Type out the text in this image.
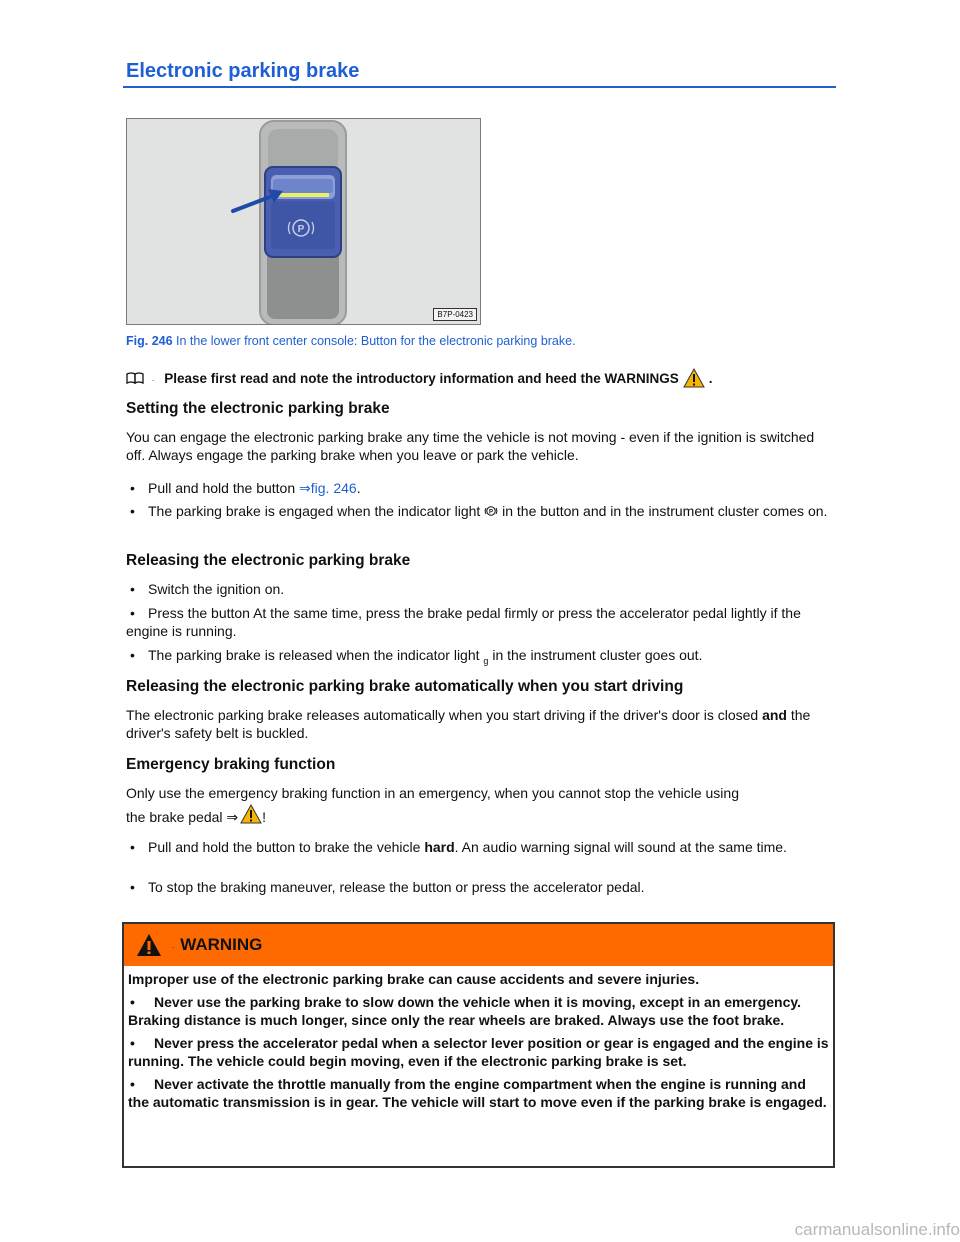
Electronic parking brake
P
B7P-0423
Fig. 246 In the lower front center console: Button for the electronic parking brake.
. Please first read and note the introductory information and heed the WARNINGS .
Setting the electronic parking brake
You can engage the electronic parking brake any time the vehicle is not moving - even if the ignition is switched off. Always engage the parking brake when you leave or park the vehicle.
• Pull and hold the button ⇒fig. 246.
• The parking brake is engaged when the indicator light P in the button and in the instrument cluster comes on.
Releasing the electronic parking brake
• Switch the ignition on.
• Press the button At the same time, press the brake pedal firmly or press the accelerator pedal lightly if the engine is running.
• The parking brake is released when the indicator light $_g$ in the instrument cluster goes out.
Releasing the electronic parking brake automatically when you start driving
The electronic parking brake releases automatically when you start driving if the driver's door is closed and the driver's safety belt is buckled.
Emergency braking function
Only use the emergency braking function in an emergency, when you cannot stop the vehicle using
the brake pedal ⇒ !
• Pull and hold the button to brake the vehicle hard. An audio warning signal will sound at the same time.
• To stop the braking maneuver, release the button or press the accelerator pedal.
. WARNING
Improper use of the electronic parking brake can cause accidents and severe injuries.
• Never use the parking brake to slow down the vehicle when it is moving, except in an emergency. Braking distance is much longer, since only the rear wheels are braked. Always use the foot brake.
• Never press the accelerator pedal when a selector lever position or gear is engaged and the engine is running. The vehicle could begin moving, even if the electronic parking brake is set.
• Never activate the throttle manually from the engine compartment when the engine is running and the automatic transmission is in gear. The vehicle will start to move even if the parking brake is engaged.
carmanualsonline.info
